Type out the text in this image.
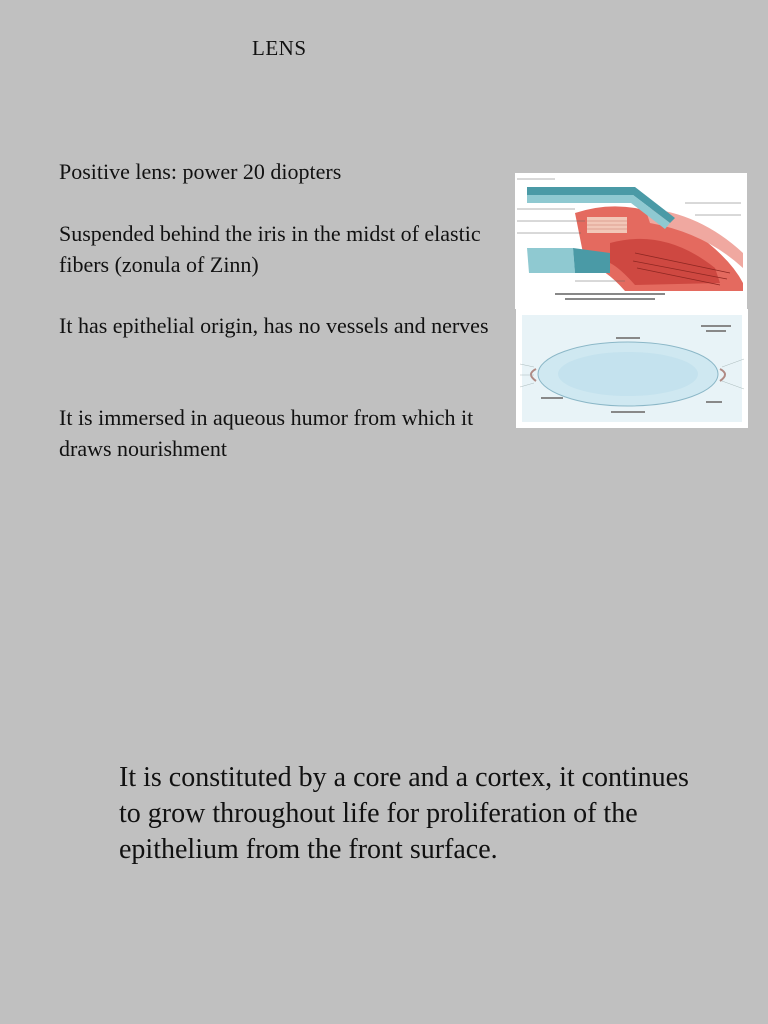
LENS
Positive lens: power 20 diopters
Suspended behind the iris in the midst of elastic fibers (zonula of Zinn)
It has epithelial origin, has no vessels and nerves
It is immersed in aqueous humor from which it draws nourishment
It is constituted by a core and a cortex, it continues to grow throughout life for proliferation of the epithelium from the front surface.
